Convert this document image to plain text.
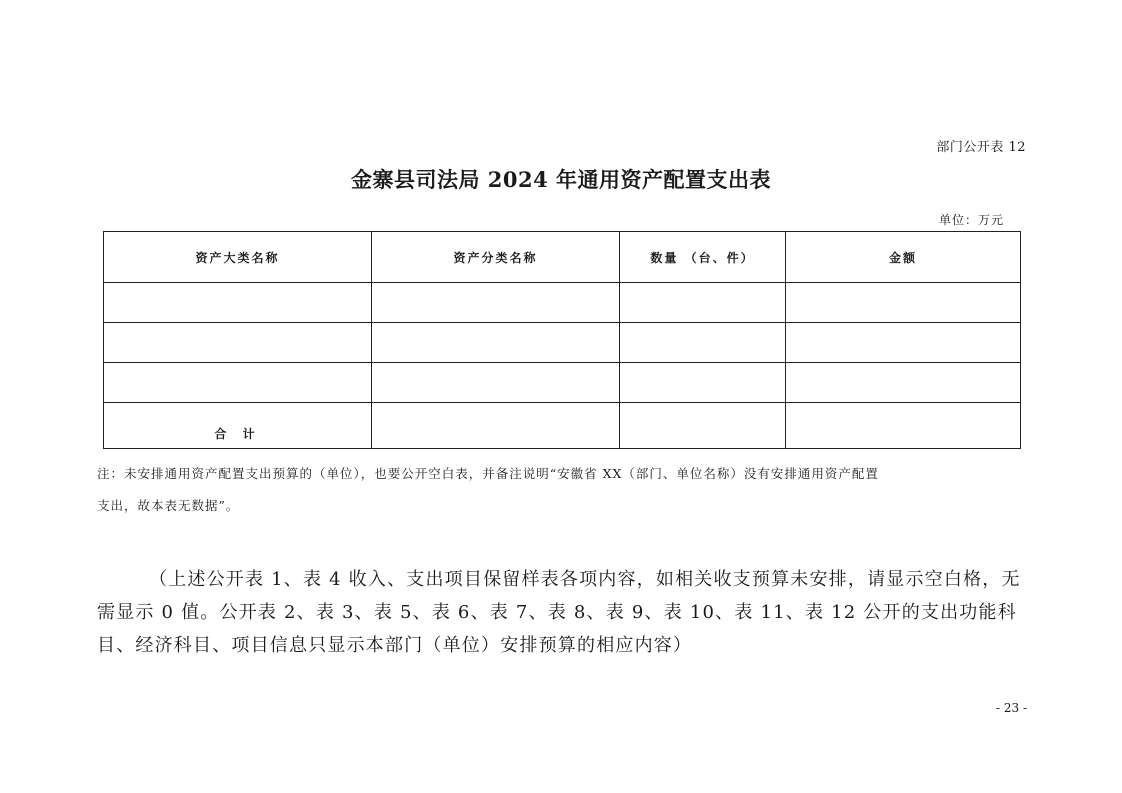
部门公开表 12
金寨县司法局 2024 年通用资产配置支出表
单位：万元
资产大类名称	资产分类名称	数量 （台、件）	金额

合 计			
注：未安排通用资产配置支出预算的（单位），也要公开空白表，并备注说明“安徽省 XX（部门、单位名称）没有安排通用资产配置
支出，故本表无数据”。
（上述公开表 1、表 4 收入、支出项目保留样表各项内容，如相关收支预算未安排，请显示空白格，无需显示 0 值。公开表 2、表 3、表 5、表 6、表 7、表 8、表 9、表 10、表 11、表 12 公开的支出功能科目、经济科目、项目信息只显示本部门（单位）安排预算的相应内容）
- 23 -
